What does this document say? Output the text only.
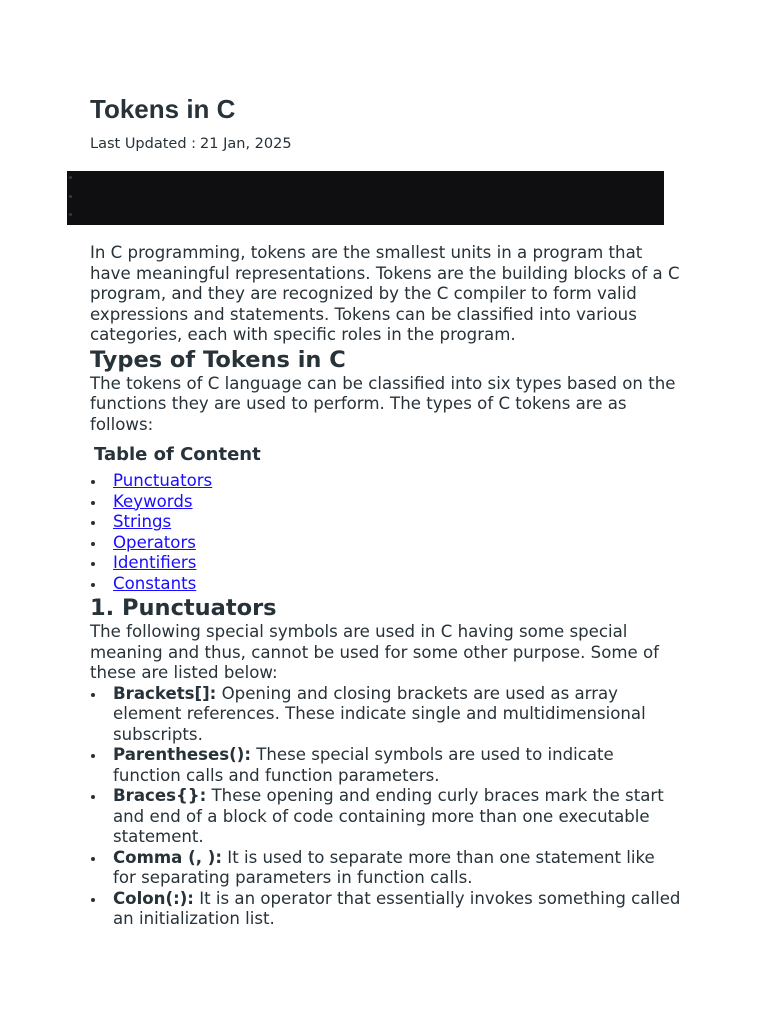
Tokens in C
Last Updated : 21 Jan, 2025

In C programming, tokens are the smallest units in a program that have meaningful representations. Tokens are the building blocks of a C program, and they are recognized by the C compiler to form valid expressions and statements. Tokens can be classified into various categories, each with specific roles in the program.

Types of Tokens in C

The tokens of C language can be classified into six types based on the functions they are used to perform. The types of C tokens are as follows:

Table of Content
Punctuators
Keywords
Strings
Operators
Identifiers
Constants
1. Punctuators

The following special symbols are used in C having some special meaning and thus, cannot be used for some other purpose. Some of these are listed below:

Brackets[]: Opening and closing brackets are used as array element references. These indicate single and multidimensional subscripts.
Parentheses(): These special symbols are used to indicate function calls and function parameters.
Braces{}: These opening and ending curly braces mark the start and end of a block of code containing more than one executable statement.
Comma (, ): It is used to separate more than one statement like for separating parameters in function calls.
Colon(:): It is an operator that essentially invokes something called an initialization list.
